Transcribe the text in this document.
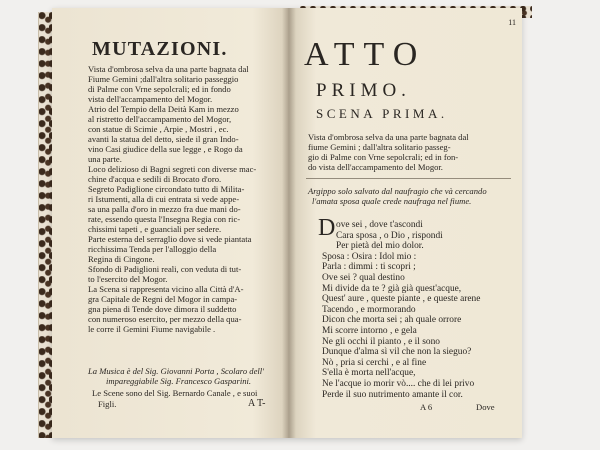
MUTAZIONI.
Vista d'ombrosa selva da una parte bagnata dal
Fiume Gemini ;dall'altra solitario passeggio
di Palme con Vrne sepolcrali; ed in fondo
vista dell'accampamento del Mogor.
Atrio del Tempio della Deità Kam in mezzo
al ristretto dell'accampamento del Mogor,
con statue di Scimie , Arpie , Mostri , ec.
avanti la statua del detto, siede il gran Indo-
vino Casi giudice della sue legge , e Rogo da
una parte.
Loco delizioso di Bagni segreti con diverse mac-
chine d'acqua e sedili di Brocato d'oro.
Segreto Padiglione circondato tutto di Milita-
ri Istumenti, alla di cui entrata si vede appe-
sa una palla d'oro in mezzo fra due mani do-
rate, essendo questa l'Insegna Regia con ric-
chissimi tapeti , e guanciali per sedere.
Parte esterna del serraglio dove si vede piantata
ricchissima Tenda per l'alloggio della
Regina di Cingone.
Sfondo di Padiglioni reali, con veduta di tut-
to l'esercito del Mogor.
La Scena si rappresenta vicino alla Città d'A-
gra Capitale de Regni del Mogor in campa-
gna piena di Tende dove dimora il suddetto
con numeroso esercito, per mezzo della qua-
le corre il Gemini Fiume navigabile .
La Musica è del Sig. Giovanni Porta , Scolaro dell'
impareggiabile Sig. Francesco Gasparini.
Le Scene sono del Sig. Bernardo Canale , e suoi
Figli.	A T-
11
ATTO
PRIMO.
SCENA PRIMA.
Vista d'ombrosa selva da una parte bagnata dal
fiume Gemini ; dall'altra solitario passeg-
gio di Palme con Vrne sepolcrali; ed in fon-
do vista dell'accampamento del Mogor.
Argippo solo salvato dal naufragio che và cercando
l'amata sposa quale crede naufraga nel fiume.
D ove sei , dove t'ascondi
Cara sposa , o Dio , rispondi
Per pietà del mio dolor.
Sposa : Osira : Idol mio :
Parla : dimmi : ti scopri ;
Ove sei ? qual destino
Mi divide da te ? già già quest'acque,
Quest' aure , queste piante , e queste arene
Tacendo , e mormorando
Dicon che morta sei ; ah quale orrore
Mi scorre intorno , e gela
Ne gli occhi il pianto , e il sono
Dunque d'alma sì vil che non la sieguo?
Nò , pria si cerchi , e al fine
S'ella è morta nell'acque,
Ne l'acque io morir vò.... che di lei privo
Perde il suo nutrimento amante il cor.
A 6	Dove
